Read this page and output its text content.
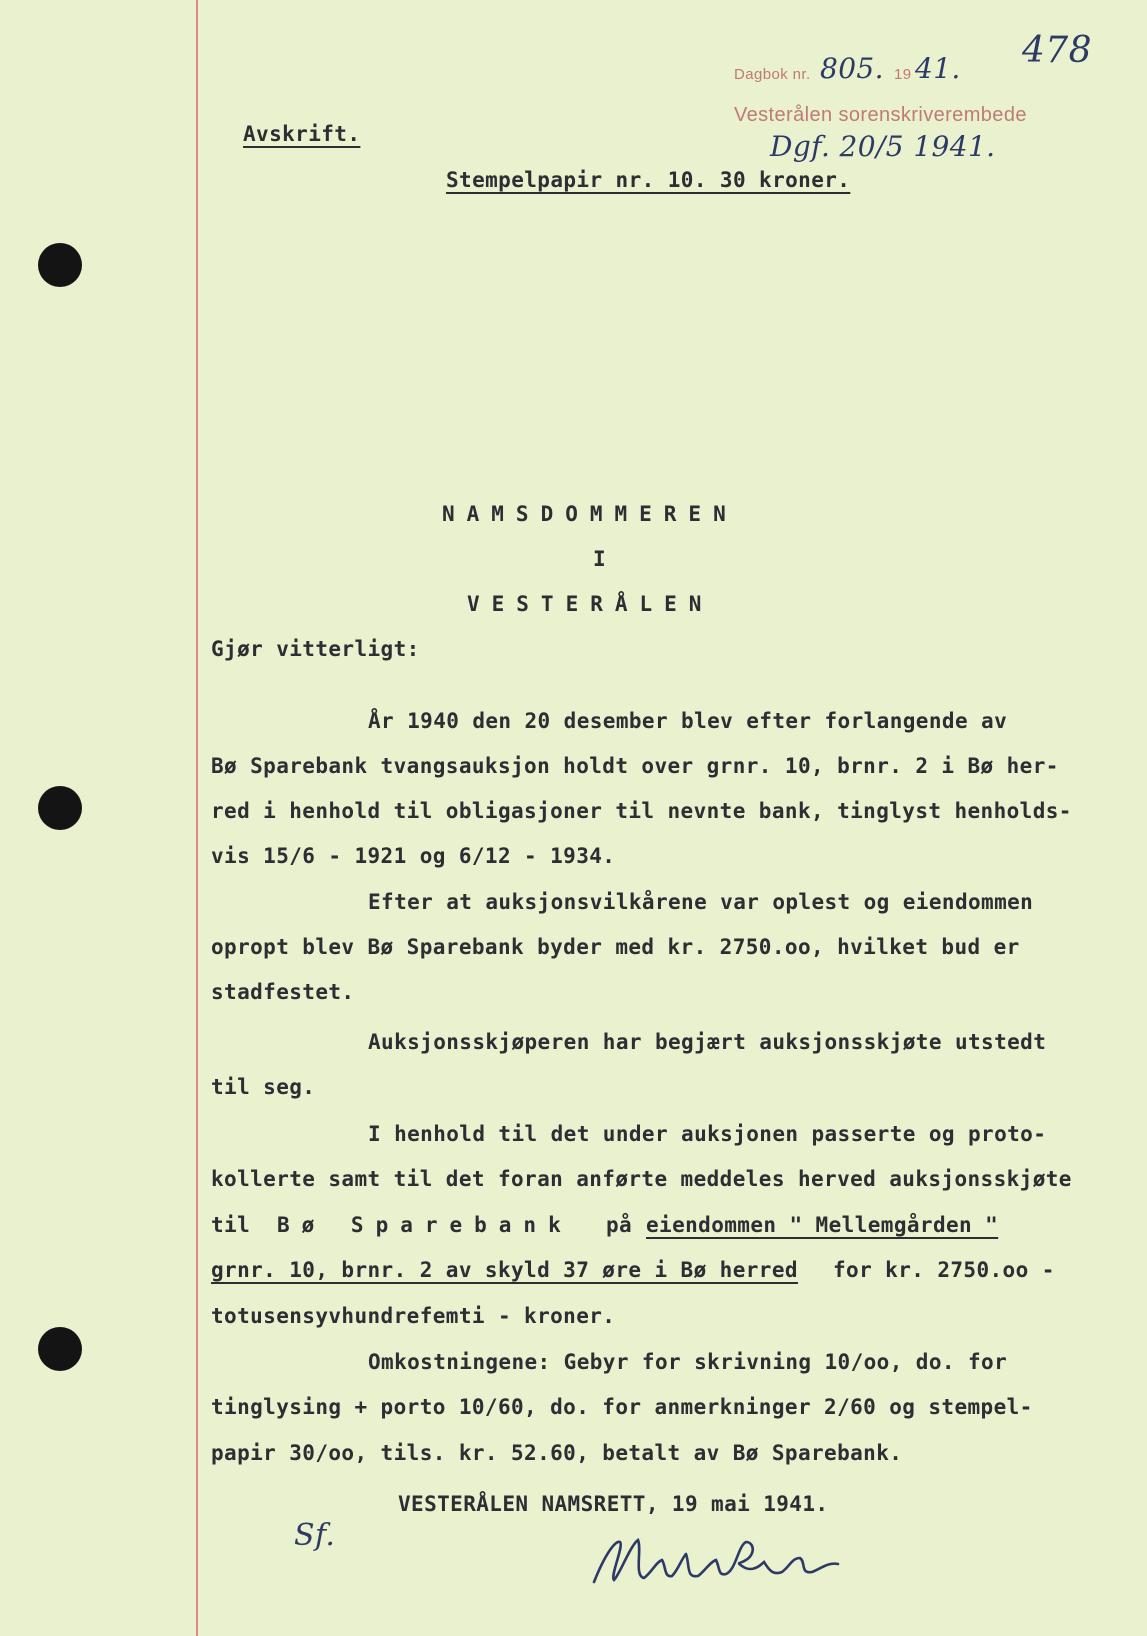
478
Dagbok nr. 805. 19 41.
Vesterålen sorenskriverembede
Dgf. 20/5 1941.
Avskrift.
Stempelpapir nr. 10. 30 kroner.
NAMSDOMMEREN
I
VESTERÅLEN
Gjør vitterligt:
År 1940 den 20 desember blev efter forlangende av
Bø Sparebank tvangsauksjon holdt over grnr. 10, brnr. 2 i Bø her-
red i henhold til obligasjoner til nevnte bank, tinglyst henholds-
vis 15/6 - 1921 og 6/12 - 1934.
Efter at auksjonsvilkårene var oplest og eiendommen
opropt blev Bø Sparebank byder med kr. 2750.oo, hvilket bud er
stadfestet.
Auksjonsskjøperen har begjært auksjonsskjøte utstedt
til seg.
I henhold til det under auksjonen passerte og proto-
kollerte samt til det foran anførte meddeles herved auksjonsskjøte
til Bø Sparebank på eiendommen " Mellemgården "
grnr. 10, brnr. 2 av skyld 37 øre i Bø herred for kr. 2750.oo -
totusensyvhundrefemti - kroner.
Omkostningene: Gebyr for skrivning 10/oo, do. for
tinglysing + porto 10/60, do. for anmerkninger 2/60 og stempel-
papir 30/oo, tils. kr. 52.60, betalt av Bø Sparebank.
VESTERÅLEN NAMSRETT, 19 mai 1941.
Sf.
